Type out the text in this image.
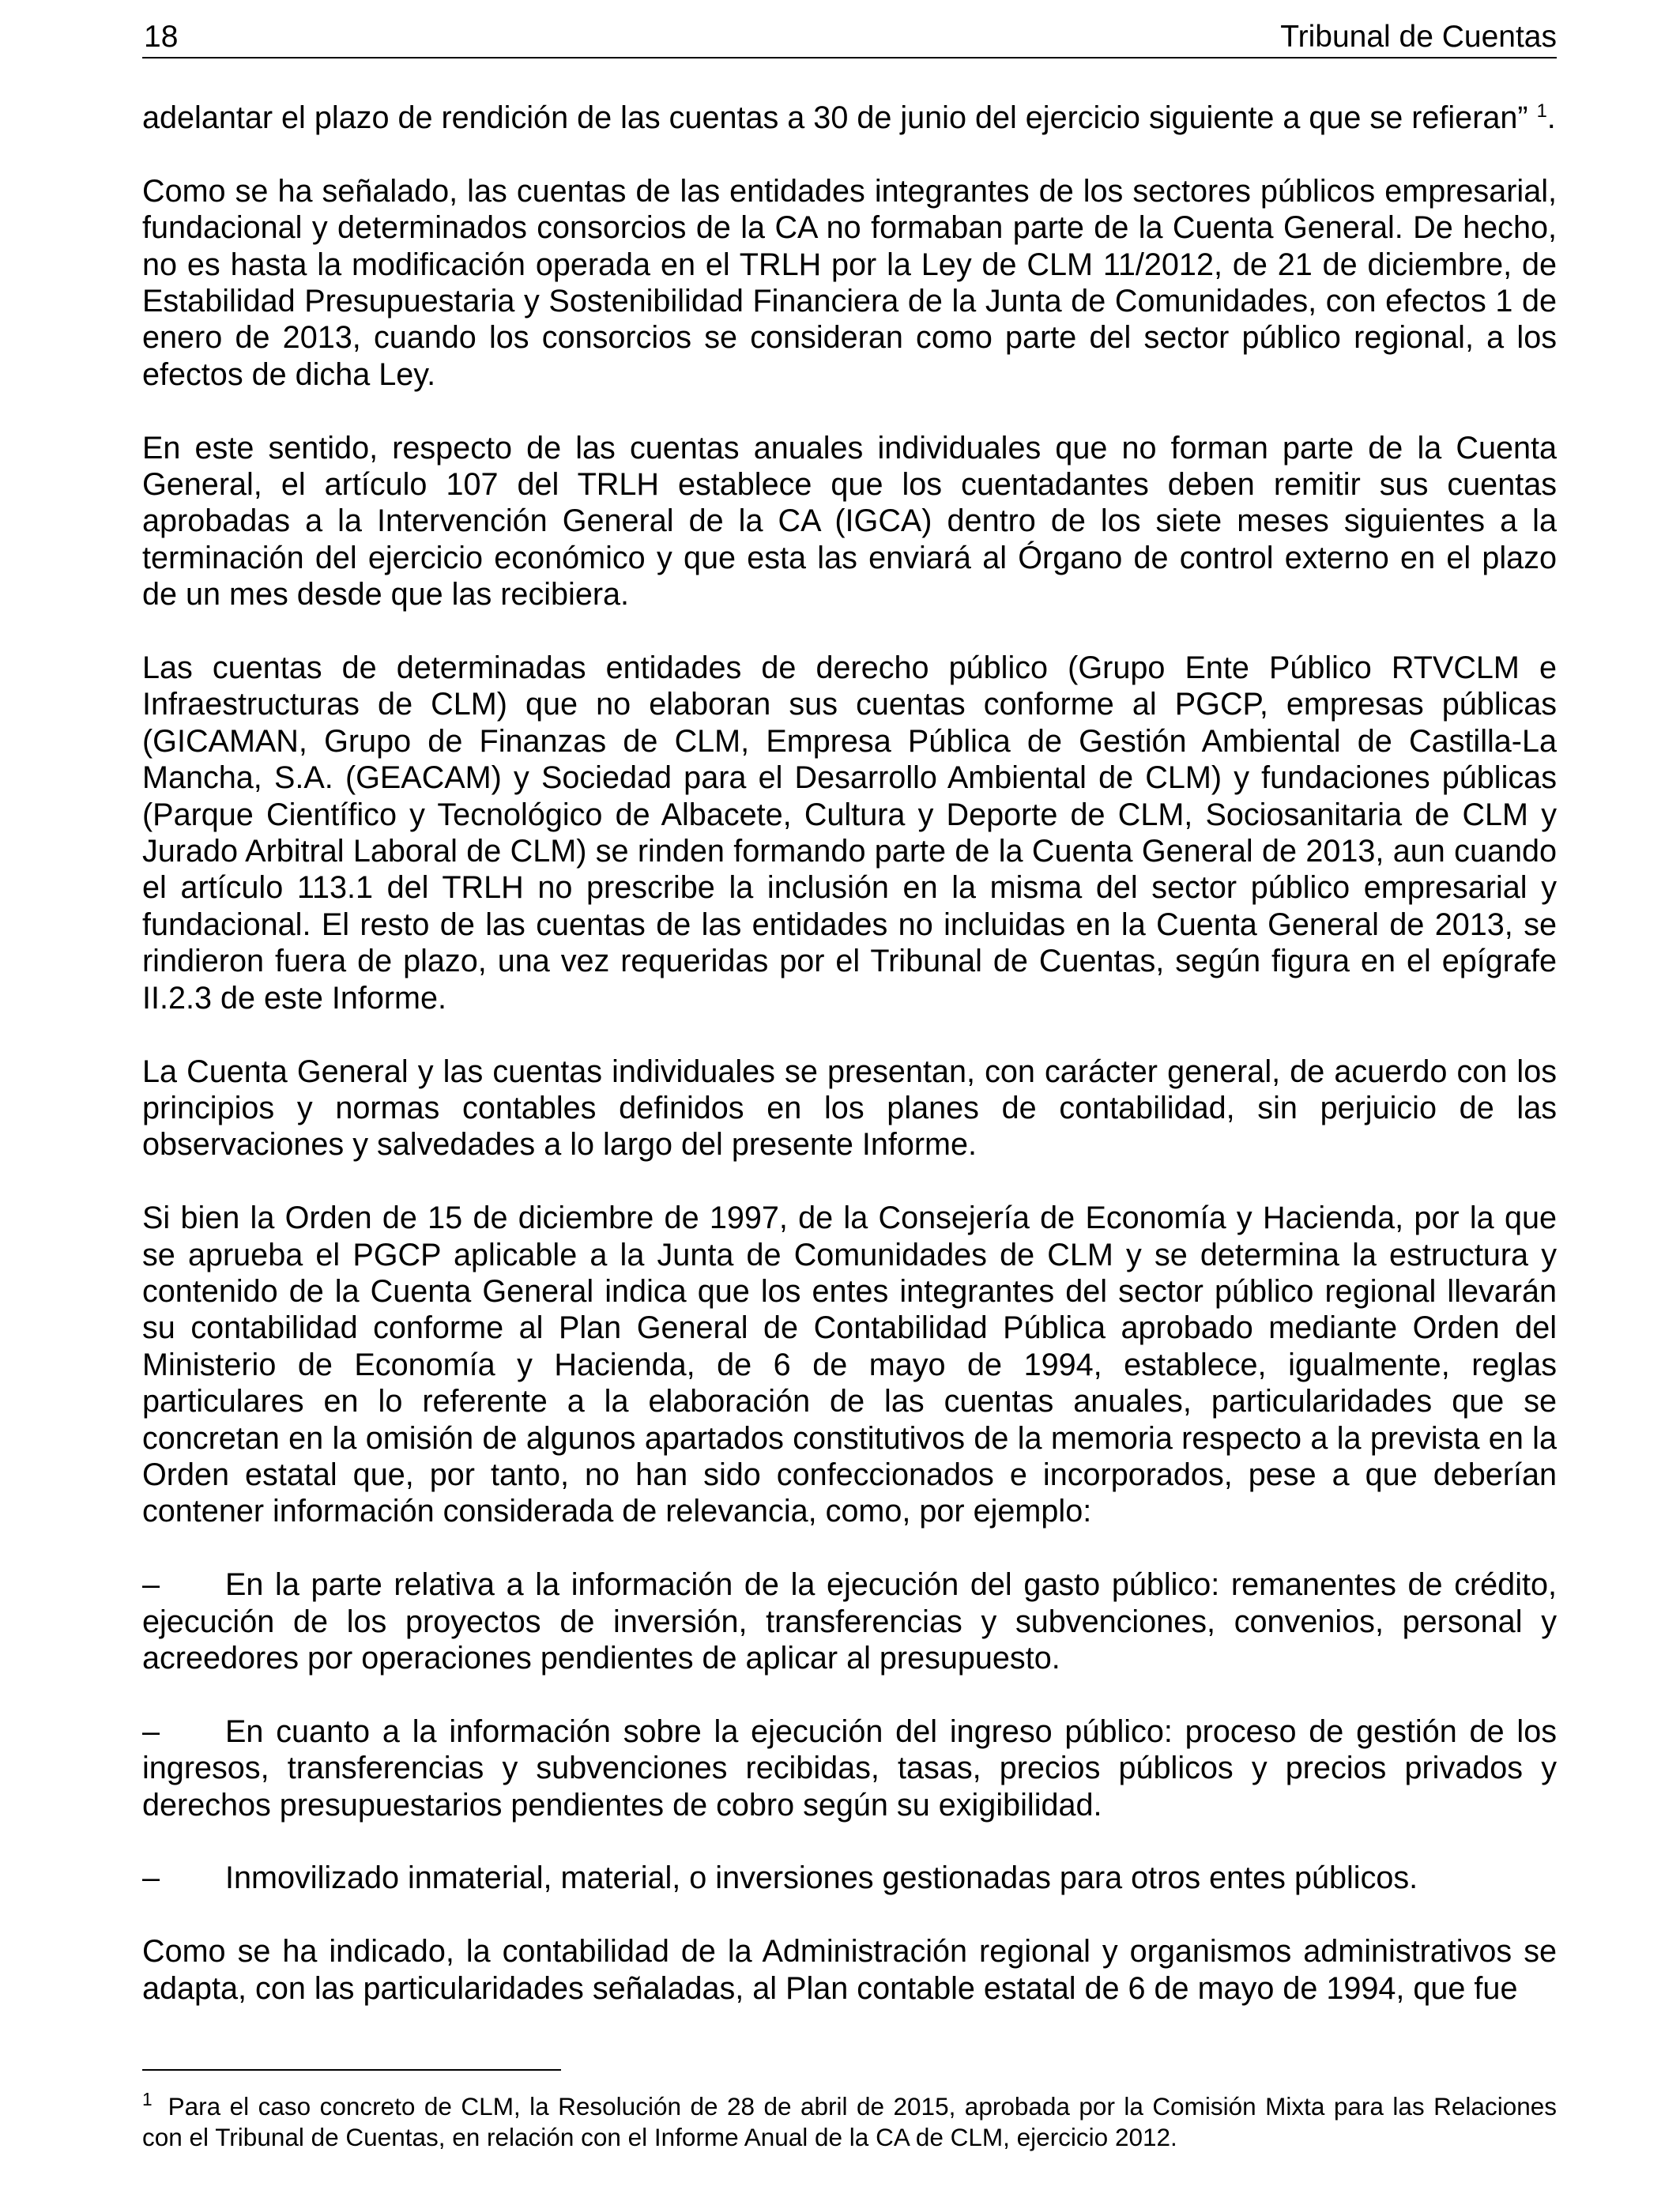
18	Tribunal de Cuentas

adelantar el plazo de rendición de las cuentas a 30 de junio del ejercicio siguiente a que se refieran” $^1$.

Como se ha señalado, las cuentas de las entidades integrantes de los sectores públicos empresarial, fundacional y determinados consorcios de la CA no formaban parte de la Cuenta General. De hecho, no es hasta la modificación operada en el TRLH por la Ley de CLM 11/2012, de 21 de diciembre, de Estabilidad Presupuestaria y Sostenibilidad Financiera de la Junta de Comunidades, con efectos 1 de enero de 2013, cuando los consorcios se consideran como parte del sector público regional, a los efectos de dicha Ley.

En este sentido, respecto de las cuentas anuales individuales que no forman parte de la Cuenta General, el artículo 107 del TRLH establece que los cuentadantes deben remitir sus cuentas aprobadas a la Intervención General de la CA (IGCA) dentro de los siete meses siguientes a la terminación del ejercicio económico y que esta las enviará al Órgano de control externo en el plazo de un mes desde que las recibiera.

Las cuentas de determinadas entidades de derecho público (Grupo Ente Público RTVCLM e Infraestructuras de CLM) que no elaboran sus cuentas conforme al PGCP, empresas públicas (GICAMAN, Grupo de Finanzas de CLM, Empresa Pública de Gestión Ambiental de Castilla-La Mancha, S.A. (GEACAM) y Sociedad para el Desarrollo Ambiental de CLM) y fundaciones públicas (Parque Científico y Tecnológico de Albacete, Cultura y Deporte de CLM, Sociosanitaria de CLM y Jurado Arbitral Laboral de CLM) se rinden formando parte de la Cuenta General de 2013, aun cuando el artículo 113.1 del TRLH no prescribe la inclusión en la misma del sector público empresarial y fundacional. El resto de las cuentas de las entidades no incluidas en la Cuenta General de 2013, se rindieron fuera de plazo, una vez requeridas por el Tribunal de Cuentas, según figura en el epígrafe II.2.3 de este Informe.

La Cuenta General y las cuentas individuales se presentan, con carácter general, de acuerdo con los principios y normas contables definidos en los planes de contabilidad, sin perjuicio de las observaciones y salvedades a lo largo del presente Informe.

Si bien la Orden de 15 de diciembre de 1997, de la Consejería de Economía y Hacienda, por la que se aprueba el PGCP aplicable a la Junta de Comunidades de CLM y se determina la estructura y contenido de la Cuenta General indica que los entes integrantes del sector público regional llevarán su contabilidad conforme al Plan General de Contabilidad Pública aprobado mediante Orden del Ministerio de Economía y Hacienda, de 6 de mayo de 1994, establece, igualmente, reglas particulares en lo referente a la elaboración de las cuentas anuales, particularidades que se concretan en la omisión de algunos apartados constitutivos de la memoria respecto a la prevista en la Orden estatal que, por tanto, no han sido confeccionados e incorporados, pese a que deberían contener información considerada de relevancia, como, por ejemplo:

– En la parte relativa a la información de la ejecución del gasto público: remanentes de crédito, ejecución de los proyectos de inversión, transferencias y subvenciones, convenios, personal y acreedores por operaciones pendientes de aplicar al presupuesto.

– En cuanto a la información sobre la ejecución del ingreso público: proceso de gestión de los ingresos, transferencias y subvenciones recibidas, tasas, precios públicos y precios privados y derechos presupuestarios pendientes de cobro según su exigibilidad.

– Inmovilizado inmaterial, material, o inversiones gestionadas para otros entes públicos.

Como se ha indicado, la contabilidad de la Administración regional y organismos administrativos se adapta, con las particularidades señaladas, al Plan contable estatal de 6 de mayo de 1994, que fue

$^1$ Para el caso concreto de CLM, la Resolución de 28 de abril de 2015, aprobada por la Comisión Mixta para las Relaciones con el Tribunal de Cuentas, en relación con el Informe Anual de la CA de CLM, ejercicio 2012.
